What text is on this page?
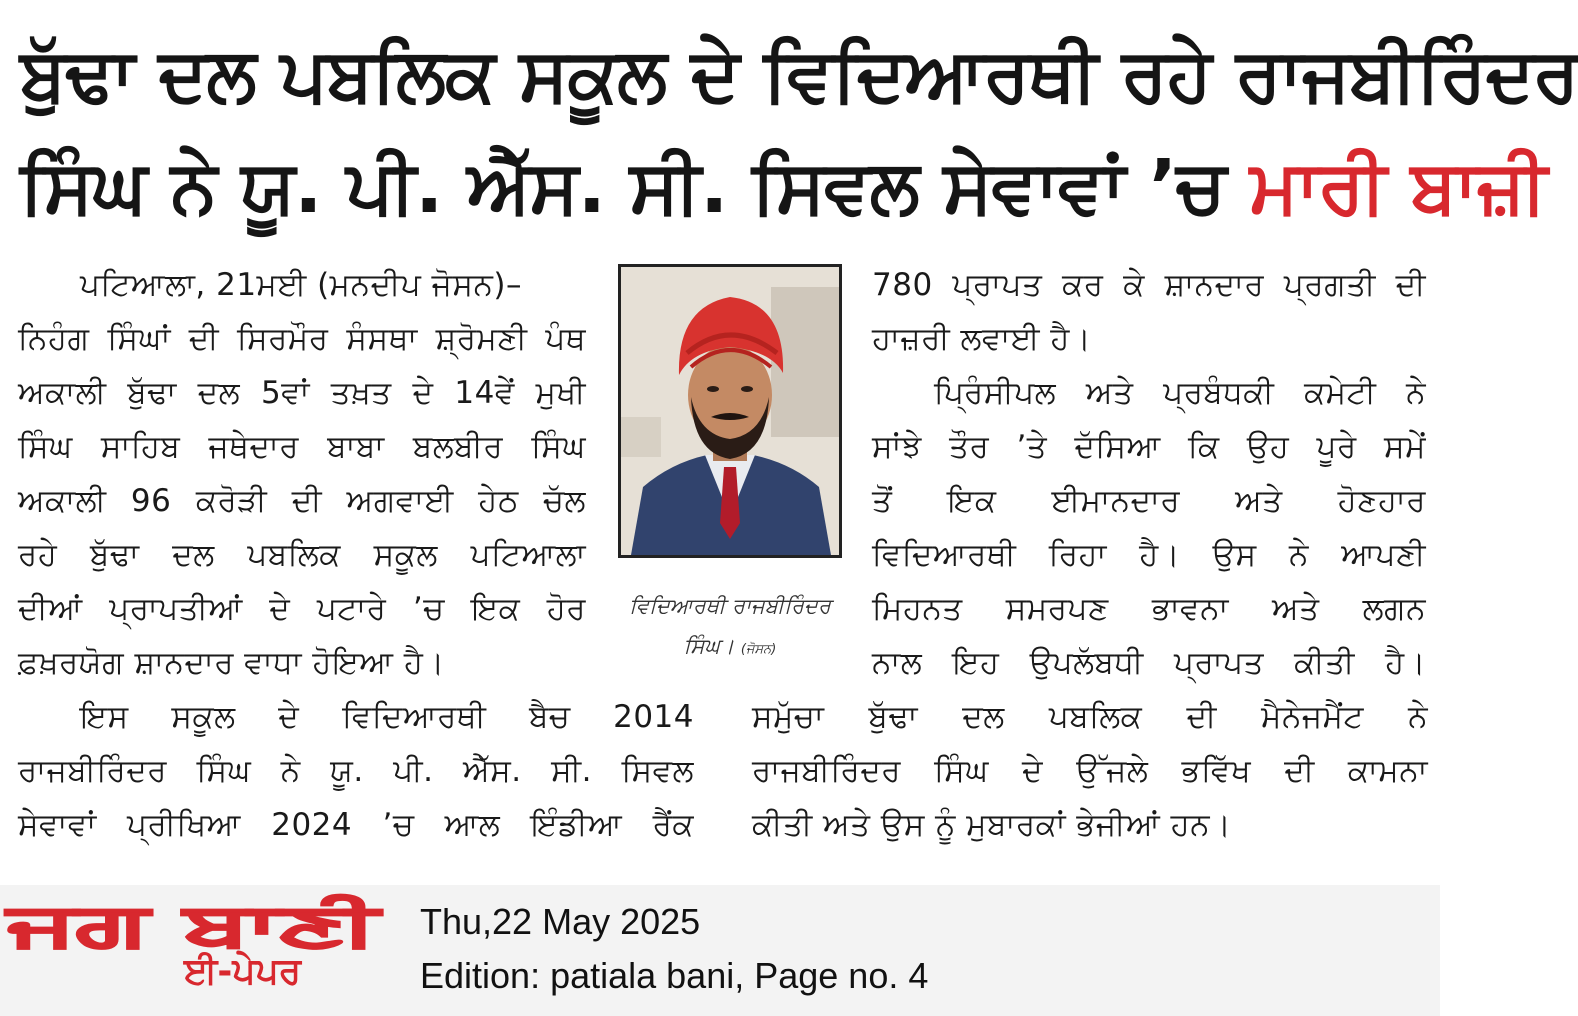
ਬੁੱਢਾ ਦਲ ਪਬਲਿਕ ਸਕੂਲ ਦੇ ਵਿਦਿਆਰਥੀ ਰਹੇ ਰਾਜਬੀਰਿੰਦਰ
ਸਿੰਘ ਨੇ ਯੂ. ਪੀ. ਐੱਸ. ਸੀ. ਸਿਵਲ ਸੇਵਾਵਾਂ ’ਚ ਮਾਰੀ ਬਾਜ਼ੀ
ਪਟਿਆਲਾ, 21ਮਈ (ਮਨਦੀਪ ਜੋਸਨ)–
ਨਿਹੰਗ ਸਿੰਘਾਂ ਦੀ ਸਿਰਮੌਰ ਸੰਸਥਾ ਸ਼੍ਰੋਮਣੀ ਪੰਥ
ਅਕਾਲੀ ਬੁੱਢਾ ਦਲ 5ਵਾਂ ਤਖ਼ਤ ਦੇ 14ਵੇਂ ਮੁਖੀ
ਸਿੰਘ ਸਾਹਿਬ ਜਥੇਦਾਰ ਬਾਬਾ ਬਲਬੀਰ ਸਿੰਘ
ਅਕਾਲੀ 96 ਕਰੋੜੀ ਦੀ ਅਗਵਾਈ ਹੇਠ ਚੱਲ
ਰਹੇ ਬੁੱਢਾ ਦਲ ਪਬਲਿਕ ਸਕੂਲ ਪਟਿਆਲਾ
ਦੀਆਂ ਪ੍ਰਾਪਤੀਆਂ ਦੇ ਪਟਾਰੇ ’ਚ ਇਕ ਹੋਰ
ਫ਼ਖ਼ਰਯੋਗ ਸ਼ਾਨਦਾਰ ਵਾਧਾ ਹੋਇਆ ਹੈ।
ਵਿਦਿਆਰਥੀ ਰਾਜਬੀਰਿੰਦਰ
ਸਿੰਘ। (ਜੋਸਨ)
780 ਪ੍ਰਾਪਤ ਕਰ ਕੇ ਸ਼ਾਨਦਾਰ ਪ੍ਰਗਤੀ ਦੀ
ਹਾਜ਼ਰੀ ਲਵਾਈ ਹੈ।
ਪ੍ਰਿੰਸੀਪਲ ਅਤੇ ਪ੍ਰਬੰਧਕੀ ਕਮੇਟੀ ਨੇ
ਸਾਂਝੇ ਤੌਰ ’ਤੇ ਦੱਸਿਆ ਕਿ ਉਹ ਪੂਰੇ ਸਮੇਂ
ਤੋਂ ਇਕ ਈਮਾਨਦਾਰ ਅਤੇ ਹੋਣਹਾਰ
ਵਿਦਿਆਰਥੀ ਰਿਹਾ ਹੈ। ਉਸ ਨੇ ਆਪਣੀ
ਮਿਹਨਤ ਸਮਰਪਣ ਭਾਵਨਾ ਅਤੇ ਲਗਨ
ਨਾਲ ਇਹ ਉਪਲੱਬਧੀ ਪ੍ਰਾਪਤ ਕੀਤੀ ਹੈ।
ਇਸ ਸਕੂਲ ਦੇ ਵਿਦਿਆਰਥੀ ਬੈਚ 2014
ਰਾਜਬੀਰਿੰਦਰ ਸਿੰਘ ਨੇ ਯੂ. ਪੀ. ਐੱਸ. ਸੀ. ਸਿਵਲ
ਸੇਵਾਵਾਂ ਪ੍ਰੀਖਿਆ 2024 ’ਚ ਆਲ ਇੰਡੀਆ ਰੈਂਕ
ਸਮੁੱਚਾ ਬੁੱਢਾ ਦਲ ਪਬਲਿਕ ਦੀ ਮੈਨੇਜਮੈਂਟ ਨੇ
ਰਾਜਬੀਰਿੰਦਰ ਸਿੰਘ ਦੇ ਉੱਜਲੇ ਭਵਿੱਖ ਦੀ ਕਾਮਨਾ
ਕੀਤੀ ਅਤੇ ਉਸ ਨੂੰ ਮੁਬਾਰਕਾਂ ਭੇਜੀਆਂ ਹਨ।
ਜਗ ਬਾਣੀ
ਈ-ਪੇਪਰ
Thu,22 May 2025
Edition: patiala bani, Page no. 4
